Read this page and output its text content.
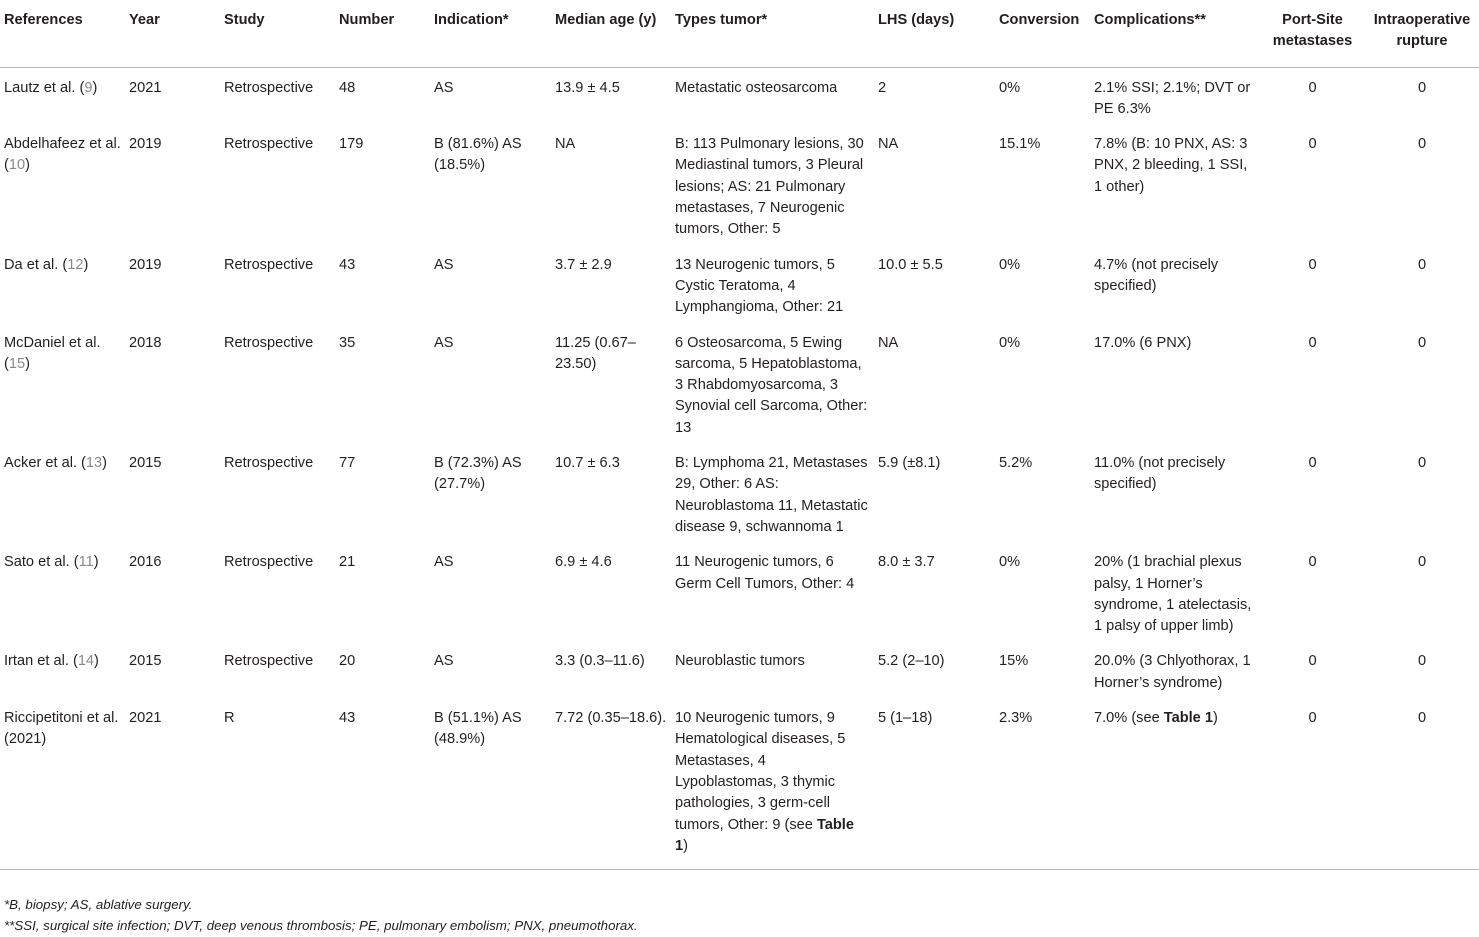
References	Year	Study	Number	Indication*	Median age (y)	Types tumor*	LHS (days)	Conversion	Complications**	Port-Site metastases	Intraoperative rupture
Lautz et al. (9)	2021	Retrospective	48	AS	13.9 ± 4.5	Metastatic osteosarcoma	2	0%	2.1% SSI; 2.1%; DVT or PE 6.3%	0	0
Abdelhafeez et al. (10)	2019	Retrospective	179	B (81.6%) AS (18.5%)	NA	B: 113 Pulmonary lesions, 30 Mediastinal tumors, 3 Pleural lesions; AS: 21 Pulmonary metastases, 7 Neurogenic tumors, Other: 5	NA	15.1%	7.8% (B: 10 PNX, AS: 3 PNX, 2 bleeding, 1 SSI, 1 other)	0	0
Da et al. (12)	2019	Retrospective	43	AS	3.7 ± 2.9	13 Neurogenic tumors, 5 Cystic Teratoma, 4 Lymphangioma, Other: 21	10.0 ± 5.5	0%	4.7% (not precisely specified)	0	0
McDaniel et al. (15)	2018	Retrospective	35	AS	11.25 (0.67–23.50)	6 Osteosarcoma, 5 Ewing sarcoma, 5 Hepatoblastoma, 3 Rhabdomyosarcoma, 3 Synovial cell Sarcoma, Other: 13	NA	0%	17.0% (6 PNX)	0	0
Acker et al. (13)	2015	Retrospective	77	B (72.3%) AS (27.7%)	10.7 ± 6.3	B: Lymphoma 21, Metastases 29, Other: 6 AS: Neuroblastoma 11, Metastatic disease 9, schwannoma 1	5.9 (±8.1)	5.2%	11.0% (not precisely specified)	0	0
Sato et al. (11)	2016	Retrospective	21	AS	6.9 ± 4.6	11 Neurogenic tumors, 6 Germ Cell Tumors, Other: 4	8.0 ± 3.7	0%	20% (1 brachial plexus palsy, 1 Horner’s syndrome, 1 atelectasis, 1 palsy of upper limb)	0	0
Irtan et al. (14)	2015	Retrospective	20	AS	3.3 (0.3–11.6)	Neuroblastic tumors	5.2 (2–10)	15%	20.0% (3 Chlyothorax, 1 Horner’s syndrome)	0	0
Riccipetitoni et al. (2021)	2021	R	43	B (51.1%) AS (48.9%)	7.72 (0.35–18.6).	10 Neurogenic tumors, 9 Hematological diseases, 5 Metastases, 4 Lypoblastomas, 3 thymic pathologies, 3 germ-cell tumors, Other: 9 (see Table 1)	5 (1–18)	2.3%	7.0% (see Table 1)	0	0
*B, biopsy; AS, ablative surgery.
**SSI, surgical site infection; DVT, deep venous thrombosis; PE, pulmonary embolism; PNX, pneumothorax.
